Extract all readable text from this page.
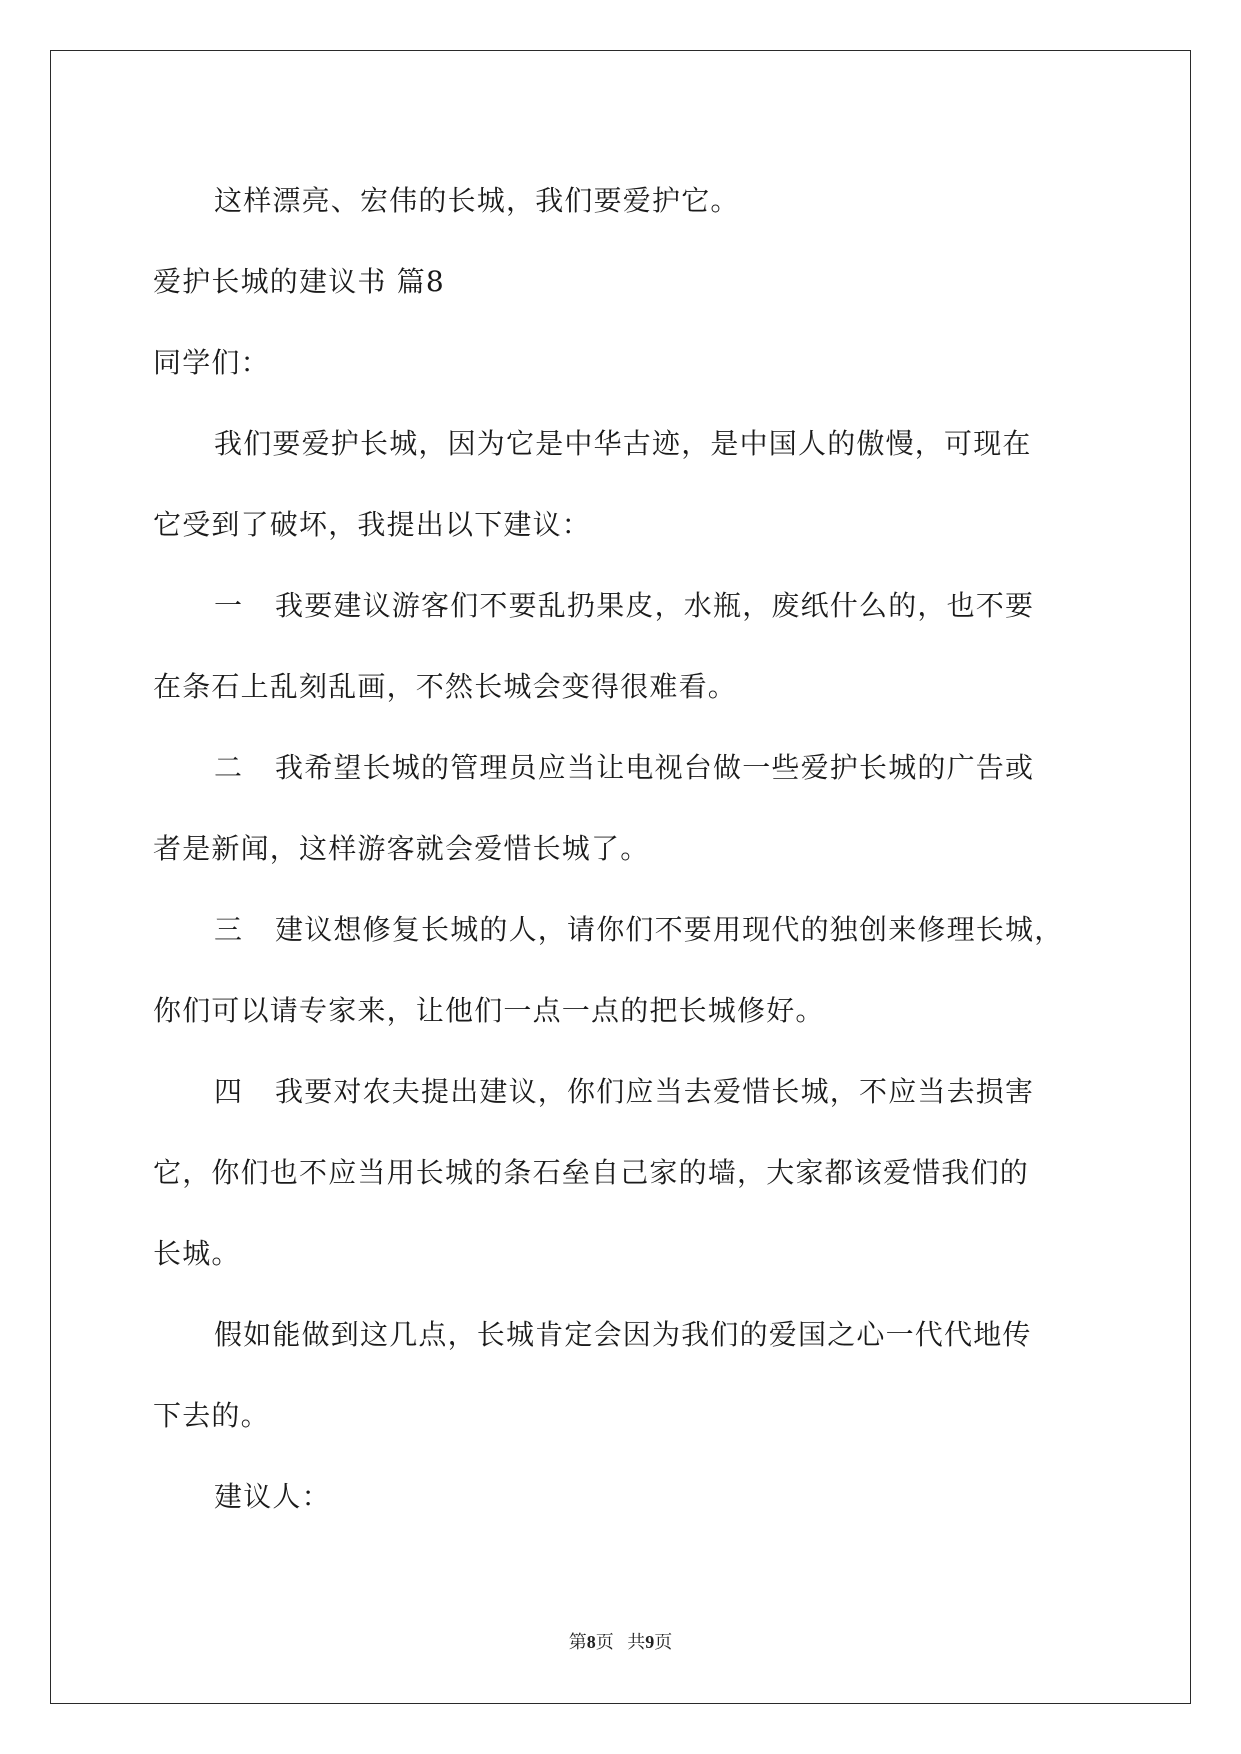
这样漂亮、宏伟的长城，我们要爱护它。

爱护长城的建议书 篇8

同学们：

我们要爱护长城，因为它是中华古迹，是中国人的傲慢，可现在

它受到了破坏，我提出以下建议：

一 我要建议游客们不要乱扔果皮，水瓶，废纸什么的，也不要

在条石上乱刻乱画，不然长城会变得很难看。

二 我希望长城的管理员应当让电视台做一些爱护长城的广告或

者是新闻，这样游客就会爱惜长城了。

三 建议想修复长城的人，请你们不要用现代的独创来修理长城，

你们可以请专家来，让他们一点一点的把长城修好。

四 我要对农夫提出建议，你们应当去爱惜长城，不应当去损害

它，你们也不应当用长城的条石垒自己家的墙，大家都该爱惜我们的

长城。

假如能做到这几点，长城肯定会因为我们的爱国之心一代代地传

下去的。

建议人：

第8页 共9页
